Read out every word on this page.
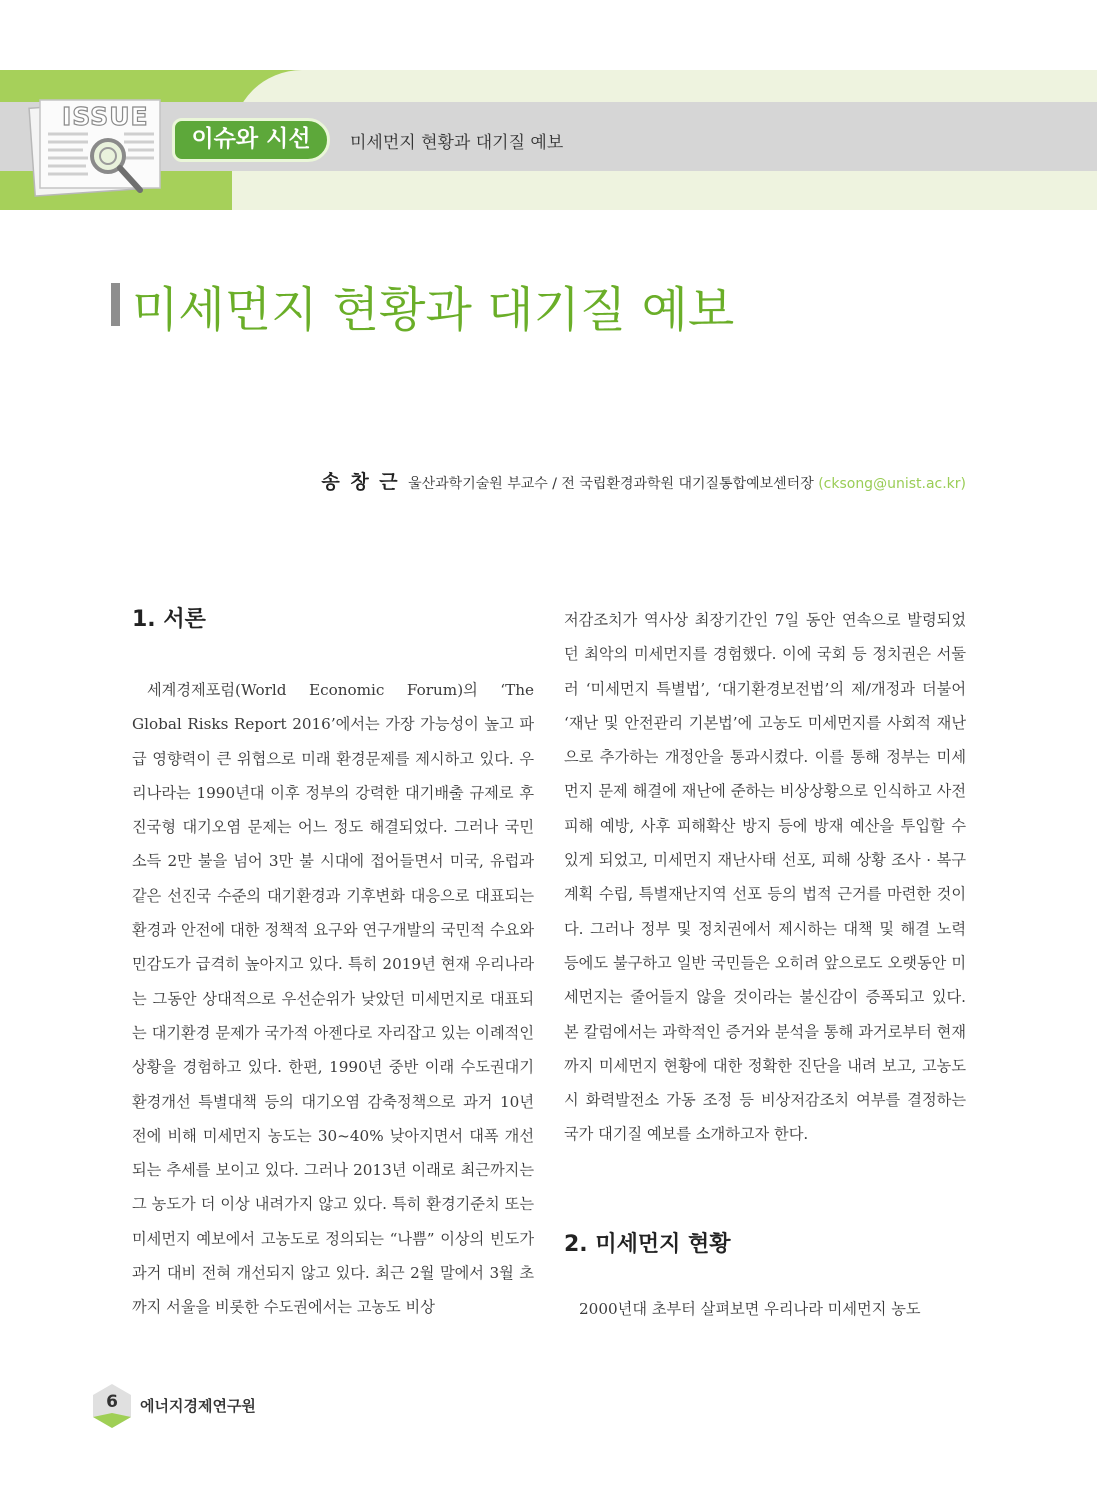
ISSUE
이슈와 시선	미세먼지 현황과 대기질 예보
미세먼지 현황과 대기질 예보
송 창 근 울산과학기술원 부교수 / 전 국립환경과학원 대기질통합예보센터장 (cksong@unist.ac.kr)
1. 서론

세계경제포럼(World Economic Forum)의 ‘The Global Risks Report 2016’에서는 가장 가능성이 높고 파급 영향력이 큰 위협으로 미래 환경문제를 제시하고 있다. 우리나라는 1990년대 이후 정부의 강력한 대기배출 규제로 후진국형 대기오염 문제는 어느 정도 해결되었다. 그러나 국민소득 2만 불을 넘어 3만 불 시대에 접어들면서 미국, 유럽과 같은 선진국 수준의 대기환경과 기후변화 대응으로 대표되는 환경과 안전에 대한 정책적 요구와 연구개발의 국민적 수요와 민감도가 급격히 높아지고 있다. 특히 2019년 현재 우리나라는 그동안 상대적으로 우선순위가 낮았던 미세먼지로 대표되는 대기환경 문제가 국가적 아젠다로 자리잡고 있는 이례적인 상황을 경험하고 있다. 한편, 1990년 중반 이래 수도권대기환경개선 특별대책 등의 대기오염 감축정책으로 과거 10년 전에 비해 미세먼지 농도는 30~40% 낮아지면서 대폭 개선되는 추세를 보이고 있다. 그러나 2013년 이래로 최근까지는 그 농도가 더 이상 내려가지 않고 있다. 특히 환경기준치 또는 미세먼지 예보에서 고농도로 정의되는 “나쁨” 이상의 빈도가 과거 대비 전혀 개선되지 않고 있다. 최근 2월 말에서 3월 초까지 서울을 비롯한 수도권에서는 고농도 비상

저감조치가 역사상 최장기간인 7일 동안 연속으로 발령되었던 최악의 미세먼지를 경험했다. 이에 국회 등 정치권은 서둘러 ‘미세먼지 특별법’, ‘대기환경보전법’의 제/개정과 더불어 ‘재난 및 안전관리 기본법’에 고농도 미세먼지를 사회적 재난으로 추가하는 개정안을 통과시켰다. 이를 통해 정부는 미세먼지 문제 해결에 재난에 준하는 비상상황으로 인식하고 사전피해 예방, 사후 피해확산 방지 등에 방재 예산을 투입할 수 있게 되었고, 미세먼지 재난사태 선포, 피해 상황 조사 · 복구 계획 수립, 특별재난지역 선포 등의 법적 근거를 마련한 것이다. 그러나 정부 및 정치권에서 제시하는 대책 및 해결 노력 등에도 불구하고 일반 국민들은 오히려 앞으로도 오랫동안 미세먼지는 줄어들지 않을 것이라는 불신감이 증폭되고 있다. 본 칼럼에서는 과학적인 증거와 분석을 통해 과거로부터 현재까지 미세먼지 현황에 대한 정확한 진단을 내려 보고, 고농도 시 화력발전소 가동 조정 등 비상저감조치 여부를 결정하는 국가 대기질 예보를 소개하고자 한다.

2. 미세먼지 현황

2000년대 초부터 살펴보면 우리나라 미세먼지 농도

6	에너지경제연구원
